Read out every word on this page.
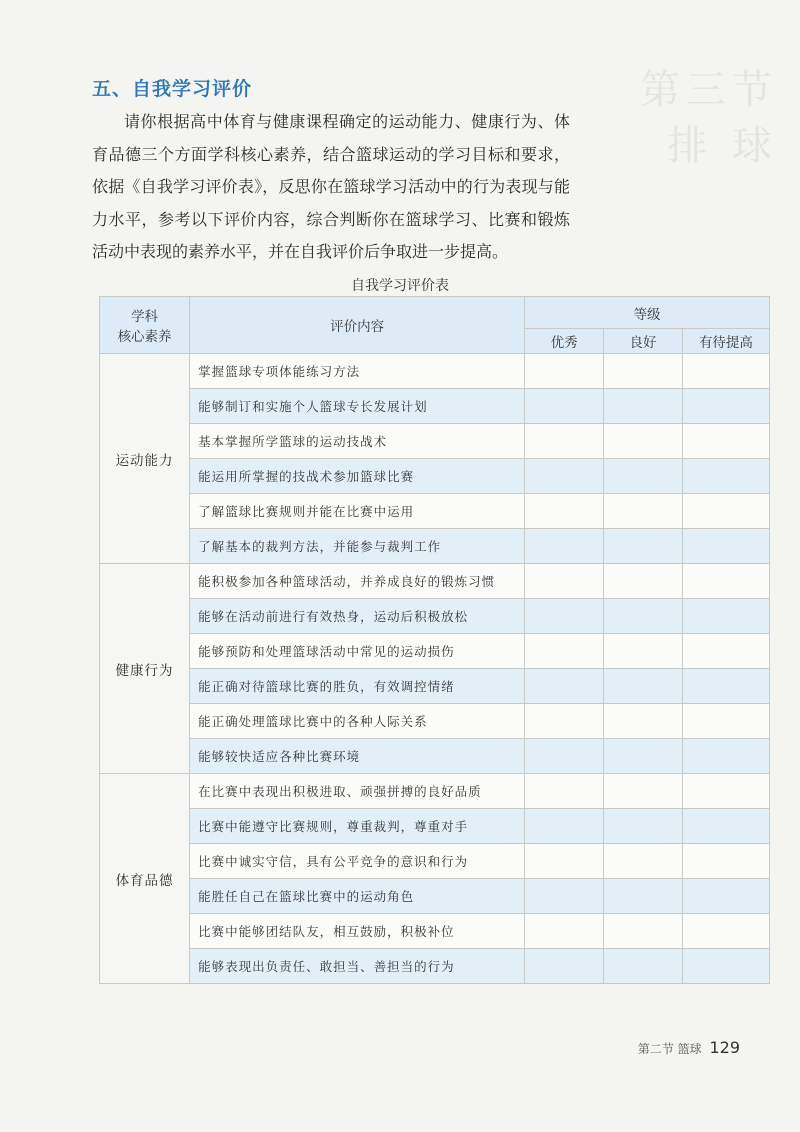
第三节
排 球
五、自我学习评价

请你根据高中体育与健康课程确定的运动能力、健康行为、体育品德三个方面学科核心素养，结合篮球运动的学习目标和要求，依据《自我学习评价表》，反思你在篮球学习活动中的行为表现与能力水平，参考以下评价内容，综合判断你在篮球学习、比赛和锻炼活动中表现的素养水平，并在自我评价后争取进一步提高。

自我学习评价表
学科
核心素养	评价内容	等级		
		优秀	良好	有待提高
运动能力	掌握篮球专项体能练习方法			
	能够制订和实施个人篮球专长发展计划			
	基本掌握所学篮球的运动技战术			
	能运用所掌握的技战术参加篮球比赛			
	了解篮球比赛规则并能在比赛中运用			
	了解基本的裁判方法，并能参与裁判工作			
健康行为	能积极参加各种篮球活动，并养成良好的锻炼习惯			
	能够在活动前进行有效热身，运动后积极放松			
	能够预防和处理篮球活动中常见的运动损伤			
	能正确对待篮球比赛的胜负，有效调控情绪			
	能正确处理篮球比赛中的各种人际关系			
	能够较快适应各种比赛环境			
体育品德	在比赛中表现出积极进取、顽强拼搏的良好品质			
	比赛中能遵守比赛规则，尊重裁判，尊重对手			
	比赛中诚实守信，具有公平竞争的意识和行为			
	能胜任自己在篮球比赛中的运动角色			
	比赛中能够团结队友，相互鼓励，积极补位			
	能够表现出负责任、敢担当、善担当的行为			
第二节 篮球 129
